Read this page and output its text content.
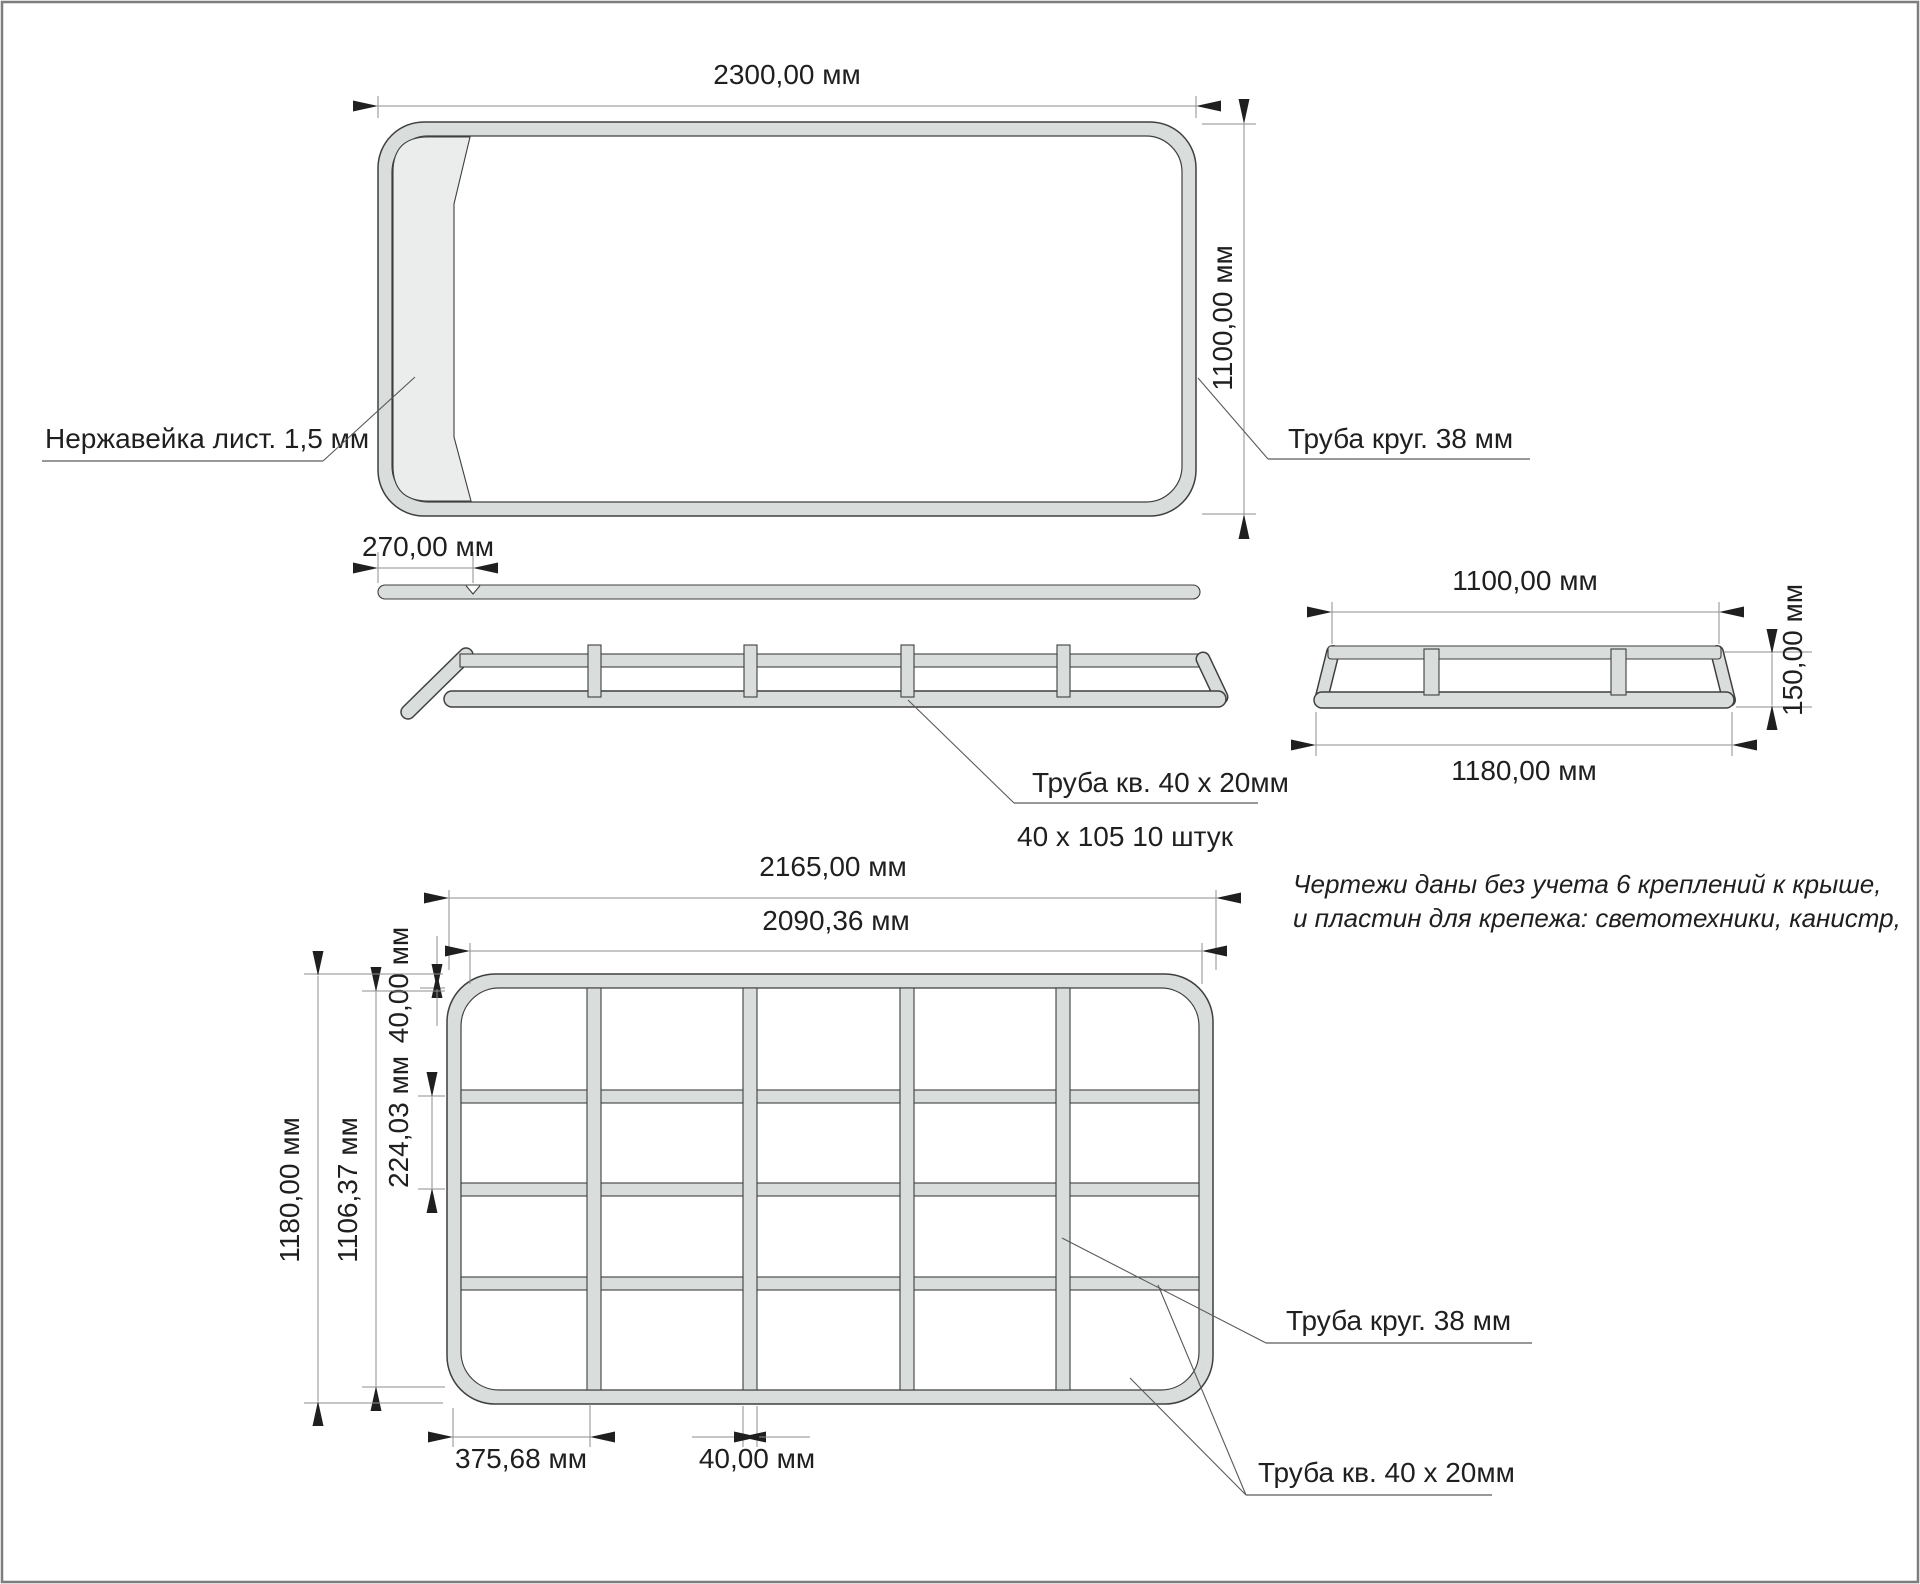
2300,00 мм
1100,00 мм
Нержавейка лист. 1,5 мм	Труба круг. 38 мм
270,00 мм
Труба кв. 40 x 20мм
40 x 105 10 штук
1100,00 мм
150,00 мм
1180,00 мм
Чертежи даны без учета 6 креплений к крыше,
и пластин для крепежа: светотехники, канистр,
2165,00 мм
2090,36 мм
40,00 мм
224,03 мм
1106,37 мм
1180,00 мм
375,68 мм	40,00 мм
Труба круг. 38 мм
Труба кв. 40 x 20мм
